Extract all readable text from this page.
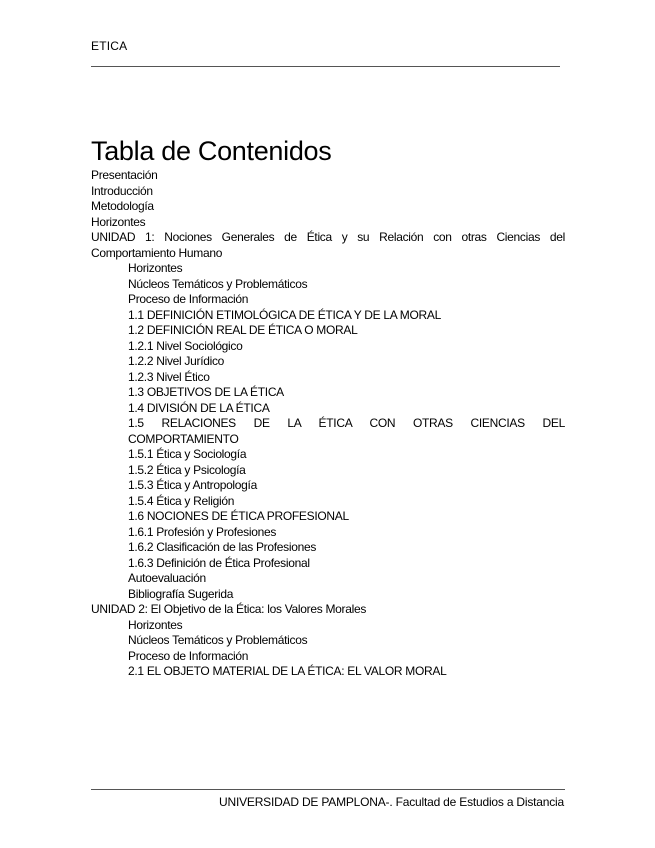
ETICA
Tabla de Contenidos
Presentación
Introducción
Metodología
Horizontes
UNIDAD 1: Nociones Generales de Ética y su Relación con otras Ciencias del
Comportamiento Humano
Horizontes
Núcleos Temáticos y Problemáticos
Proceso de Información
1.1 DEFINICIÓN ETIMOLÓGICA DE ÉTICA Y DE LA MORAL
1.2 DEFINICIÓN REAL DE ÉTICA O MORAL
1.2.1 Nivel Sociológico
1.2.2 Nivel Jurídico
1.2.3 Nivel Ético
1.3 OBJETIVOS DE LA ÉTICA
1.4 DIVISIÓN DE LA ÉTICA
1.5 RELACIONES DE LA ÉTICA CON OTRAS CIENCIAS DEL
COMPORTAMIENTO
1.5.1 Ética y Sociología
1.5.2 Ética y Psicología
1.5.3 Ética y Antropología
1.5.4 Ética y Religión
1.6 NOCIONES DE ÉTICA PROFESIONAL
1.6.1 Profesión y Profesiones
1.6.2 Clasificación de las Profesiones
1.6.3 Definición de Ética Profesional
Autoevaluación
Bibliografía Sugerida
UNIDAD 2: El Objetivo de la Ética: los Valores Morales
Horizontes
Núcleos Temáticos y Problemáticos
Proceso de Información
2.1 EL OBJETO MATERIAL DE LA ÉTICA: EL VALOR MORAL
UNIVERSIDAD DE PAMPLONA-. Facultad de Estudios a Distancia
